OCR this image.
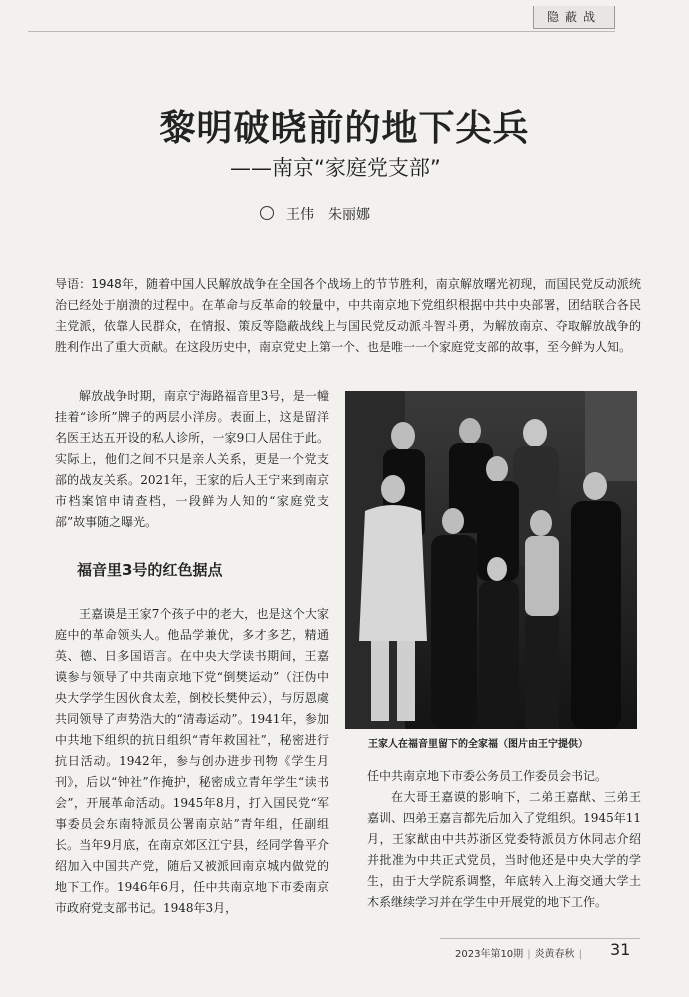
隐蔽战
黎明破晓前的地下尖兵
——南京“家庭党支部”
王伟　朱丽娜

导语：1948年，随着中国人民解放战争在全国各个战场上的节节胜利，南京解放曙光初现，而国民党反动派统治已经处于崩溃的过程中。在革命与反革命的较量中，中共南京地下党组织根据中共中央部署，团结联合各民主党派，依靠人民群众，在情报、策反等隐蔽战线上与国民党反动派斗智斗勇，为解放南京、夺取解放战争的胜利作出了重大贡献。在这段历史中，南京党史上第一个、也是唯一一个家庭党支部的故事，至今鲜为人知。

解放战争时期，南京宁海路福音里3号，是一幢挂着“诊所”牌子的两层小洋房。表面上，这是留洋名医王达五开设的私人诊所，一家9口人居住于此。实际上，他们之间不只是亲人关系，更是一个党支部的战友关系。2021年，王家的后人王宁来到南京市档案馆申请查档，一段鲜为人知的“家庭党支部”故事随之曝光。

福音里3号的红色据点

王嘉谟是王家7个孩子中的老大，也是这个大家庭中的革命领头人。他品学兼优，多才多艺，精通英、德、日多国语言。在中央大学读书期间，王嘉谟参与领导了中共南京地下党“倒樊运动”（汪伪中央大学学生因伙食太差，倒校长樊仲云），与厉恩虞共同领导了声势浩大的“清毒运动”。1941年，参加中共地下组织的抗日组织“青年救国社”，秘密进行抗日活动。1942年，参与创办进步刊物《学生月刊》，后以“钟社”作掩护，秘密成立青年学生“读书会”，开展革命活动。1945年8月，打入国民党“军事委员会东南特派员公署南京站”青年组，任副组长。当年9月底，在南京郊区江宁县，经同学鲁平介绍加入中国共产党，随后又被派回南京城内做党的地下工作。1946年6月，任中共南京地下市委南京市政府党支部书记。1948年3月，

王家人在福音里留下的全家福（图片由王宁提供）

任中共南京地下市委公务员工作委员会书记。

在大哥王嘉谟的影响下，二弟王嘉猷、三弟王嘉训、四弟王嘉言都先后加入了党组织。1945年11月，王家猷由中共苏浙区党委特派员方休同志介绍并批准为中共正式党员，当时他还是中央大学的学生，由于大学院系调整，年底转入上海交通大学土木系继续学习并在学生中开展党的地下工作。

2023年第10期 | 炎黄春秋 | 31
